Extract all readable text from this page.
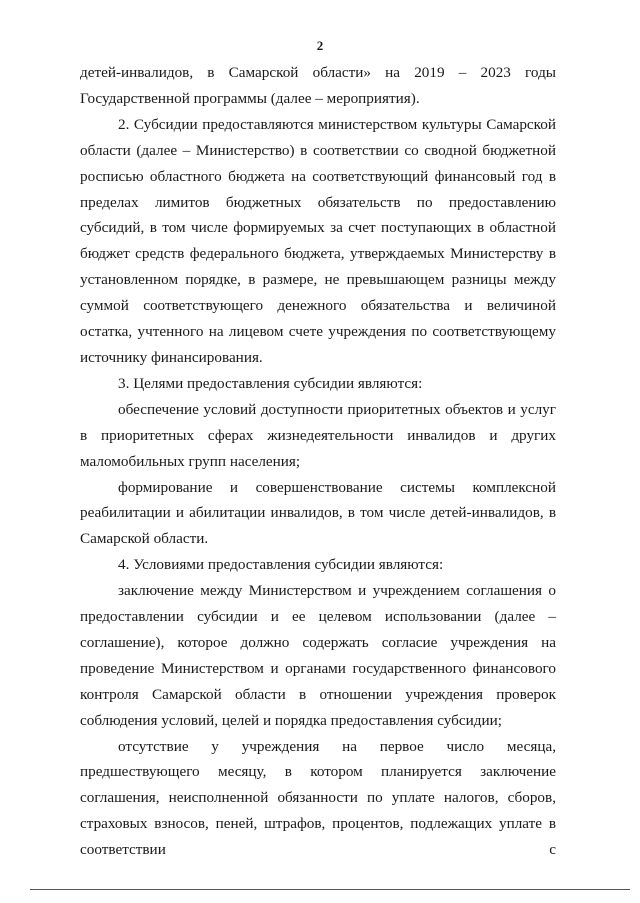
2

детей-инвалидов, в Самарской области» на 2019 – 2023 годы Государственной программы (далее – мероприятия).

2. Субсидии предоставляются министерством культуры Самарской области (далее – Министерство) в соответствии со сводной бюджетной росписью областного бюджета на соответствующий финансовый год в пределах лимитов бюджетных обязательств по предоставлению субсидий, в том числе формируемых за счет поступающих в областной бюджет средств федерального бюджета, утверждаемых Министерству в установленном порядке, в размере, не превышающем разницы между суммой соответствующего денежного обязательства и величиной остатка, учтенного на лицевом счете учреждения по соответствующему источнику финансирования.

3. Целями предоставления субсидии являются:

обеспечение условий доступности приоритетных объектов и услуг в приоритетных сферах жизнедеятельности инвалидов и других маломобильных групп населения;

формирование и совершенствование системы комплексной реабилитации и абилитации инвалидов, в том числе детей-инвалидов, в Самарской области.

4. Условиями предоставления субсидии являются:

заключение между Министерством и учреждением соглашения о предоставлении субсидии и ее целевом использовании (далее – соглашение), которое должно содержать согласие учреждения на проведение Министерством и органами государственного финансового контроля Самарской области в отношении учреждения проверок соблюдения условий, целей и порядка предоставления субсидии;

отсутствие у учреждения на первое число месяца, предшествующего месяцу, в котором планируется заключение соглашения, неисполненной обязанности по уплате налогов, сборов, страховых взносов, пеней, штрафов, процентов, подлежащих уплате в соответствии с
